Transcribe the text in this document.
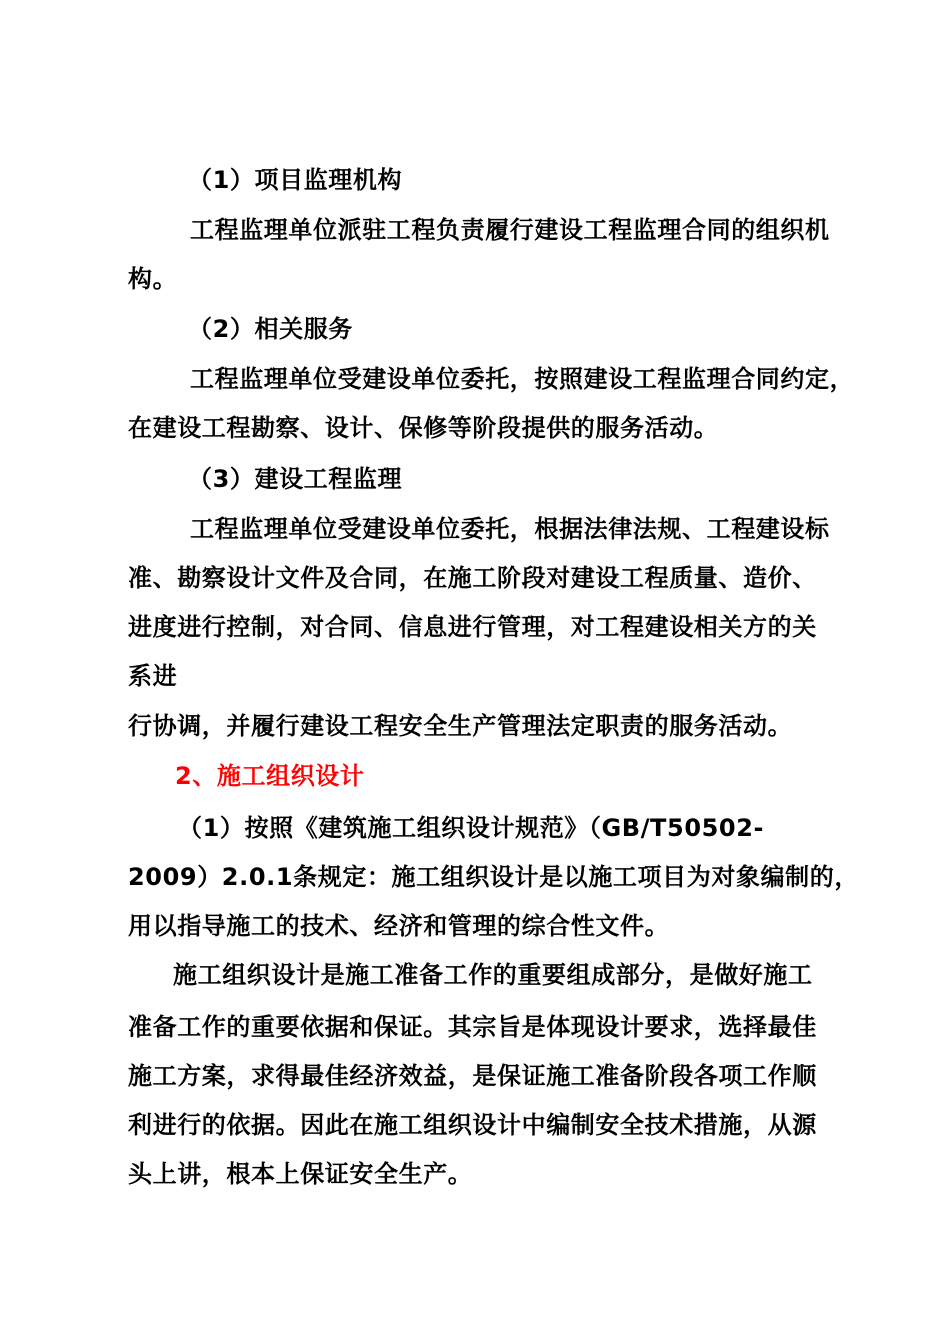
（1）项目监理机构
工程监理单位派驻工程负责履行建设工程监理合同的组织机
构。
（2）相关服务
工程监理单位受建设单位委托，按照建设工程监理合同约定，
在建设工程勘察、设计、保修等阶段提供的服务活动。
（3）建设工程监理
工程监理单位受建设单位委托，根据法律法规、工程建设标
准、勘察设计文件及合同，在施工阶段对建设工程质量、造价、
进度进行控制，对合同、信息进行管理，对工程建设相关方的关
系进
行协调，并履行建设工程安全生产管理法定职责的服务活动。
2、施工组织设计
（1）按照《建筑施工组织设计规范》（GB/T50502-
2009）2.0.1条规定：施工组织设计是以施工项目为对象编制的，
用以指导施工的技术、经济和管理的综合性文件。
施工组织设计是施工准备工作的重要组成部分，是做好施工
准备工作的重要依据和保证。其宗旨是体现设计要求，选择最佳
施工方案，求得最佳经济效益，是保证施工准备阶段各项工作顺
利进行的依据。因此在施工组织设计中编制安全技术措施，从源
头上讲，根本上保证安全生产。
